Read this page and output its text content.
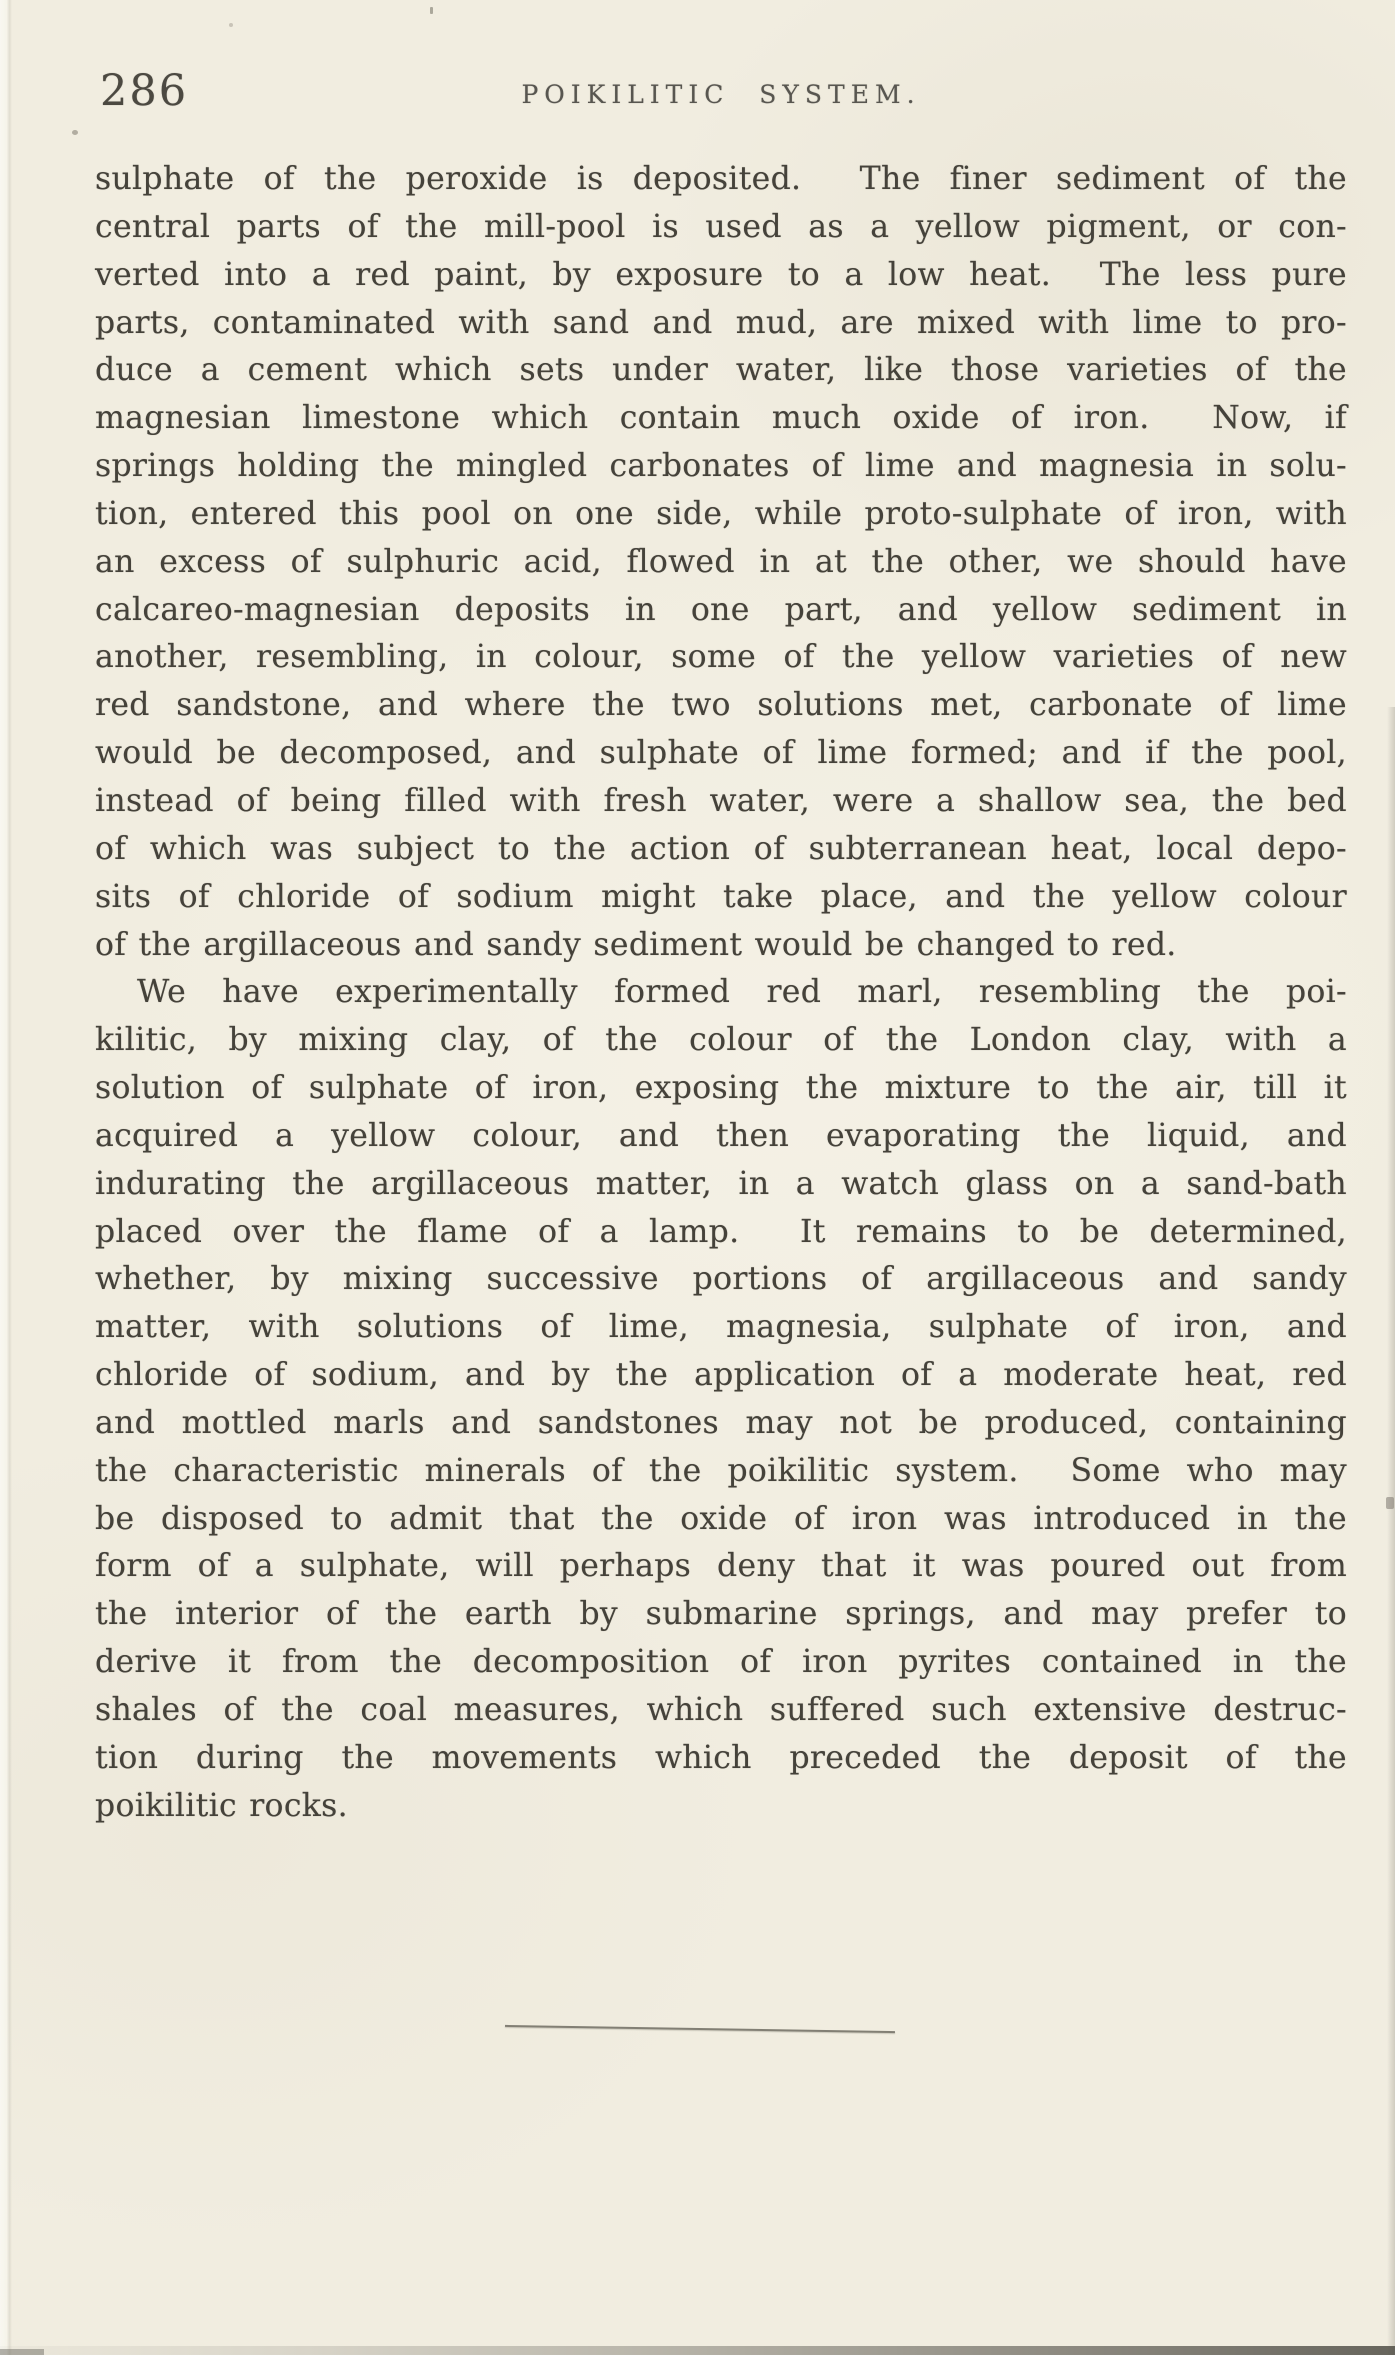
286	POIKILITIC SYSTEM.
sulphate of the peroxide is deposited.  The finer sediment of the
central parts of the mill-pool is used as a yellow pigment, or con-
verted into a red paint, by exposure to a low heat.  The less pure
parts, contaminated with sand and mud, are mixed with lime to pro-
duce a cement which sets under water, like those varieties of the
magnesian limestone which contain much oxide of iron.  Now, if
springs holding the mingled carbonates of lime and magnesia in solu-
tion, entered this pool on one side, while proto-sulphate of iron, with
an excess of sulphuric acid, flowed in at the other, we should have
calcareo-magnesian deposits in one part, and yellow sediment in
another, resembling, in colour, some of the yellow varieties of new
red sandstone, and where the two solutions met, carbonate of lime
would be decomposed, and sulphate of lime formed; and if the pool,
instead of being filled with fresh water, were a shallow sea, the bed
of which was subject to the action of subterranean heat, local depo-
sits of chloride of sodium might take place, and the yellow colour
of the argillaceous and sandy sediment would be changed to red.
We have experimentally formed red marl, resembling the poi-
kilitic, by mixing clay, of the colour of the London clay, with a
solution of sulphate of iron, exposing the mixture to the air, till it
acquired a yellow colour, and then evaporating the liquid, and
indurating the argillaceous matter, in a watch glass on a sand-bath
placed over the flame of a lamp.  It remains to be determined,
whether, by mixing successive portions of argillaceous and sandy
matter, with solutions of lime, magnesia, sulphate of iron, and
chloride of sodium, and by the application of a moderate heat, red
and mottled marls and sandstones may not be produced, containing
the characteristic minerals of the poikilitic system.  Some who may
be disposed to admit that the oxide of iron was introduced in the
form of a sulphate, will perhaps deny that it was poured out from
the interior of the earth by submarine springs, and may prefer to
derive it from the decomposition of iron pyrites contained in the
shales of the coal measures, which suffered such extensive destruc-
tion during the movements which preceded the deposit of the
poikilitic rocks.
